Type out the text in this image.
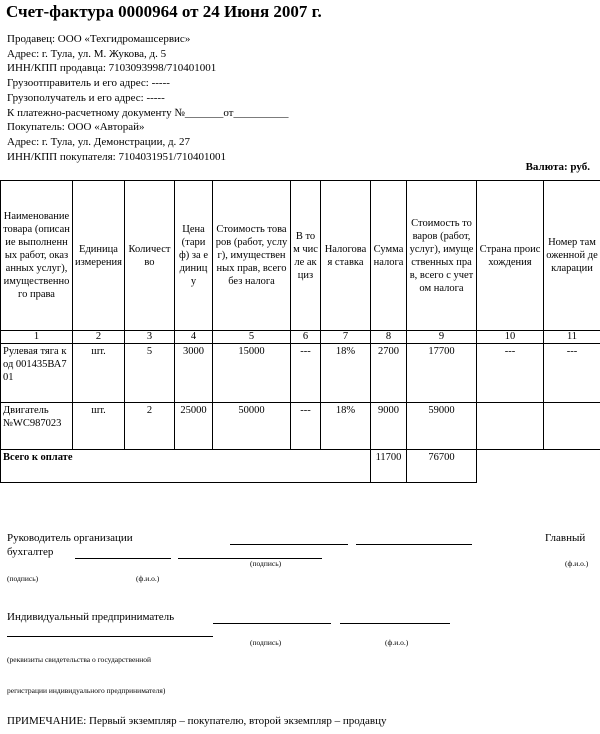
Счет-фактура 0000964 от 24 Июня 2007 г.
Продавец: ООО «Техгидромашсервис»
Адрес: г. Тула, ул. М. Жукова, д. 5
ИНН/КПП продавца: 7103093998/710401001
Грузоотправитель и его адрес: -----
Грузополучатель и его адрес: -----
К платежно-расчетному документу №_______от__________
Покупатель: ООО «Авторай»
Адрес: г. Тула, ул. Демонстрации, д. 27
ИНН/КПП покупателя: 7104031951/710401001
Валюта: руб.
Наименование товара (описание выполненных работ, оказанных услуг), имущественного права	Единица измерения	Количество	Цена (тариф) за единицу	Стоимость товаров (работ, услуг), имущественных прав, всего без налога	В том числе акциз	Налоговая ставка	Сумма налога	Стоимость товаров (работ, услуг), имущественных прав, всего с учетом налога	Страна происхождения	Номер таможенной декларации
1	2	3	4	5	6	7	8	9	10	11
Рулевая тяга код 001435ВА701	шт.	5	3000	15000	---	18%	2700	17700	---	---
Двигатель №WC987023	шт.	2	25000	50000	---	18%	9000	59000		
Всего к оплате							11700	76700		
Руководитель организации	Главный
бухгалтер
(подпись)	(ф.и.о.)
(подпись)	(ф.и.о.)
Индивидуальный предприниматель
(подпись)	(ф.и.о.)
(реквизиты свидетельства о государственной
регистрации индивидуального предпринимателя)
ПРИМЕЧАНИЕ: Первый экземпляр – покупателю, второй экземпляр – продавцу
